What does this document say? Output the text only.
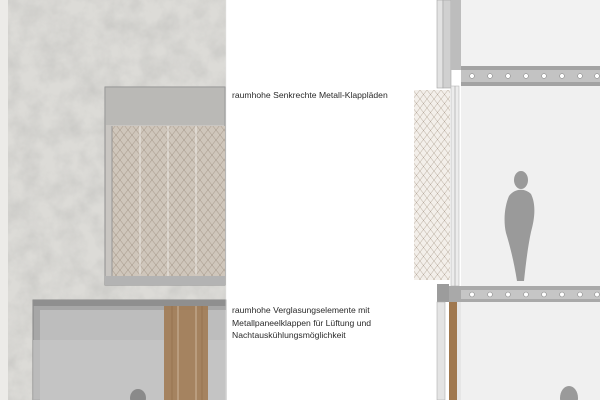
raumhohe Senkrechte Metall-Klappläden
raumhohe Verglasungselemente mit
Metallpaneelklappen für Lüftung und
Nachtauskühlungsmöglichkeit
